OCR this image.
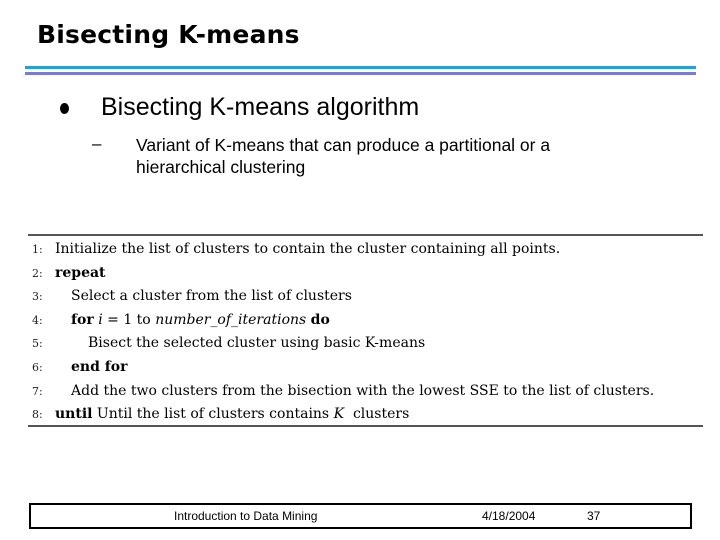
Bisecting K-means
Bisecting K-means algorithm
– Variant of K-means that can produce a partitional or a hierarchical clustering
1: Initialize the list of clusters to contain the cluster containing all points.
2: repeat
3:	Select a cluster from the list of clusters
4:	for i = 1 to number_of_iterations do
5:	Bisect the selected cluster using basic K-means
6:	end for
7:	Add the two clusters from the bisection with the lowest SSE to the list of clusters.
8: until Until the list of clusters contains K clusters
Introduction to Data Mining	4/18/2004	37
